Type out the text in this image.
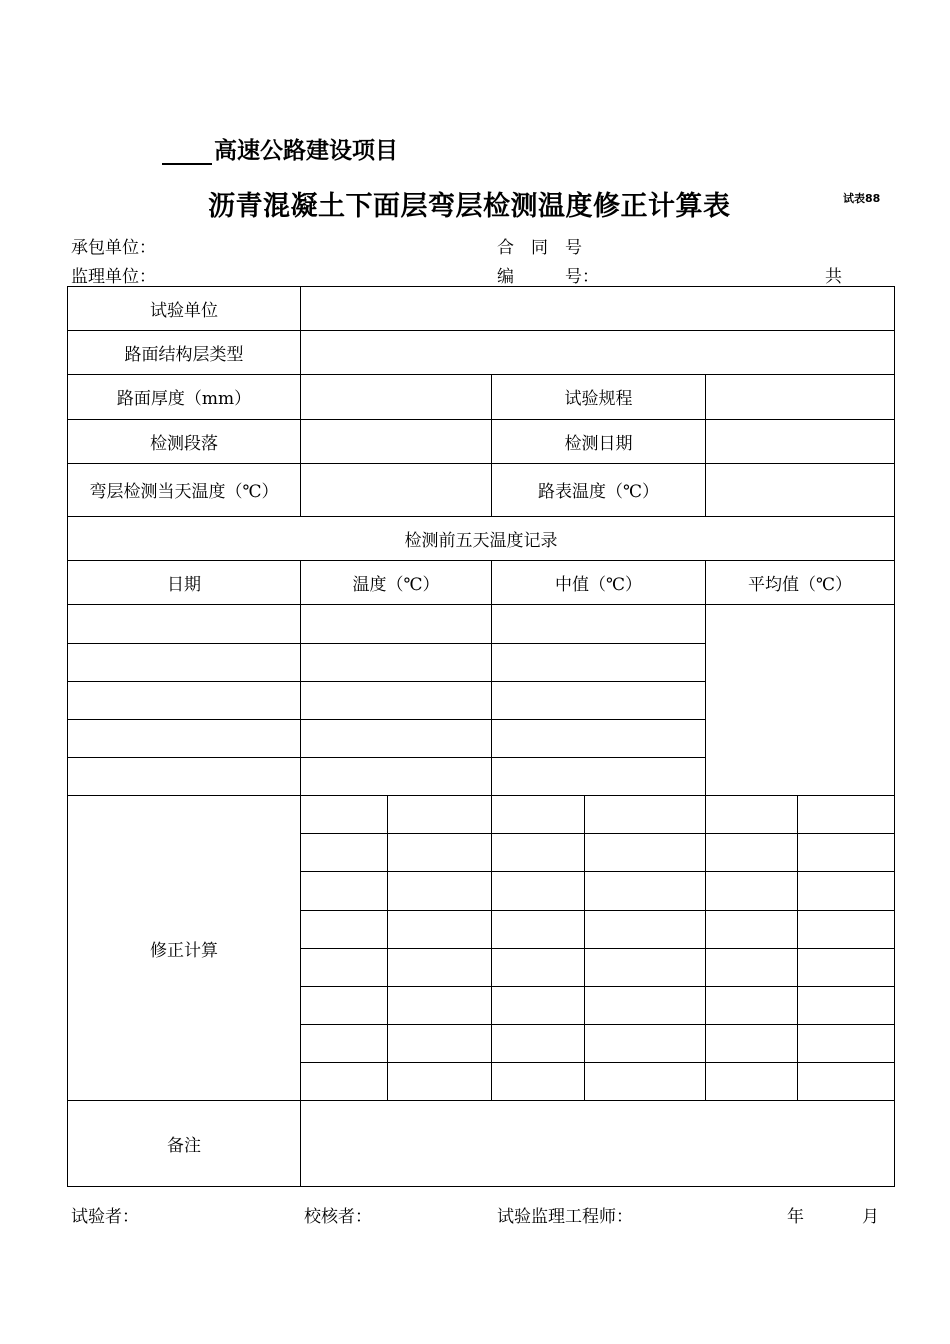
高速公路建设项目
沥青混凝土下面层弯层检测温度修正计算表	试表88
承包单位：	合　同　号
监理单位：	编　　　号：	共
试验单位						
路面结构层类型						
路面厚度（mm）			试验规程			
检测段落			检测日期			
弯层检测当天温度（℃）			路表温度（℃）			
检测前五天温度记录						
日期	温度（℃）		中值（℃）		平均值（℃）	

修正计算						

备注						
试验者：	校核者：	试验监理工程师：	年	月
